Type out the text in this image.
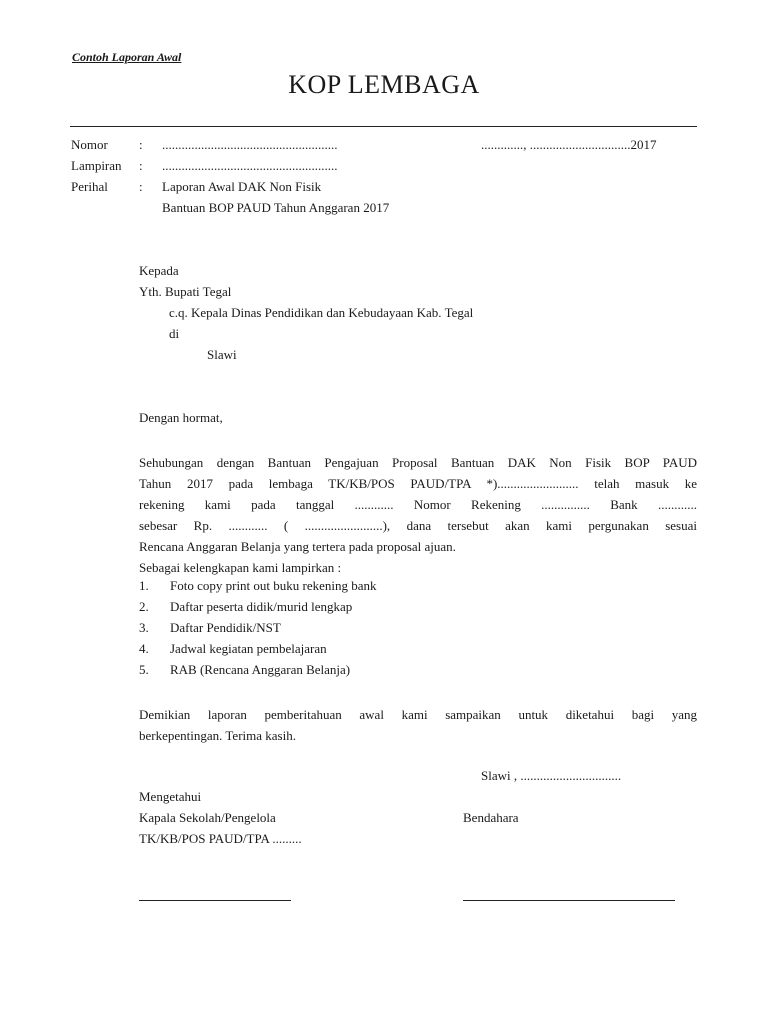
Contoh Laporan Awal
KOP LEMBAGA
Nomor : ......................................................	............., ...............................2017
Lampiran : ......................................................
Perihal : Laporan Awal DAK Non Fisik
Bantuan BOP PAUD Tahun Anggaran 2017
Kepada
Yth. Bupati Tegal
c.q. Kepala Dinas Pendidikan dan Kebudayaan Kab. Tegal
di
Slawi
Dengan hormat,

Sehubungan dengan Bantuan Pengajuan Proposal Bantuan DAK Non Fisik BOP PAUD

Tahun 2017 pada lembaga TK/KB/POS PAUD/TPA *)......................... telah masuk ke

rekening kami pada tanggal ............ Nomor Rekening ............... Bank ............

sebesar Rp. ............ ( ........................), dana tersebut akan kami pergunakan sesuai

Rencana Anggaran Belanja yang tertera pada proposal ajuan.

Sebagai kelengkapan kami lampirkan :

1. Foto copy print out buku rekening bank
2. Daftar peserta didik/murid lengkap
3. Daftar Pendidik/NST
4. Jadwal kegiatan pembelajaran
5. RAB (Rencana Anggaran Belanja)

Demikian laporan pemberitahuan awal kami sampaikan untuk diketahui bagi yang

berkepentingan. Terima kasih.

Slawi , ...............................
Mengetahui
Kapala Sekolah/Pengelola	Bendahara
TK/KB/POS PAUD/TPA .........
